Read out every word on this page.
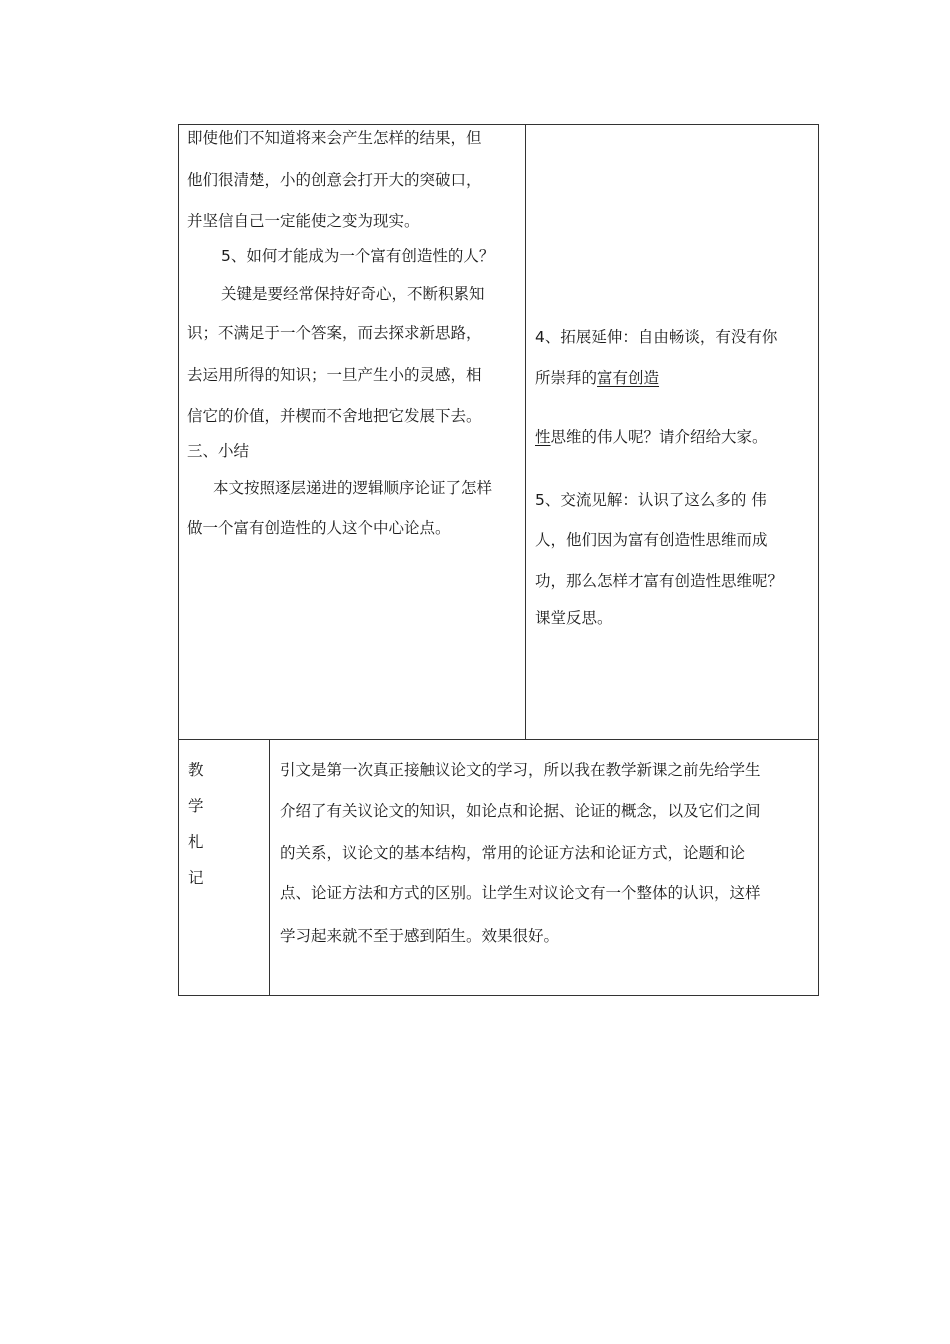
即使他们不知道将来会产生怎样的结果，但
他们很清楚，小的创意会打开大的突破口，
并坚信自己一定能使之变为现实。
5、如何才能成为一个富有创造性的人？
关键是要经常保持好奇心，不断积累知
识；不满足于一个答案，而去探求新思路，
去运用所得的知识；一旦产生小的灵感，相
信它的价值，并楔而不舍地把它发展下去。
三、小结
本文按照逐层递进的逻辑顺序论证了怎样
做一个富有创造性的人这个中心论点。
4、拓展延伸：自由畅谈，有没有你
所崇拜的富有创造
性思维的伟人呢？请介绍给大家。
5、交流见解：认识了这么多的 伟
人，他们因为富有创造性思维而成
功，那么怎样才富有创造性思维呢？
课堂反思。
教
学
札
记
引文是第一次真正接触议论文的学习，所以我在教学新课之前先给学生
介绍了有关议论文的知识，如论点和论据、论证的概念，以及它们之间
的关系，议论文的基本结构，常用的论证方法和论证方式，论题和论
点、论证方法和方式的区别。让学生对议论文有一个整体的认识，这样
学习起来就不至于感到陌生。效果很好。
